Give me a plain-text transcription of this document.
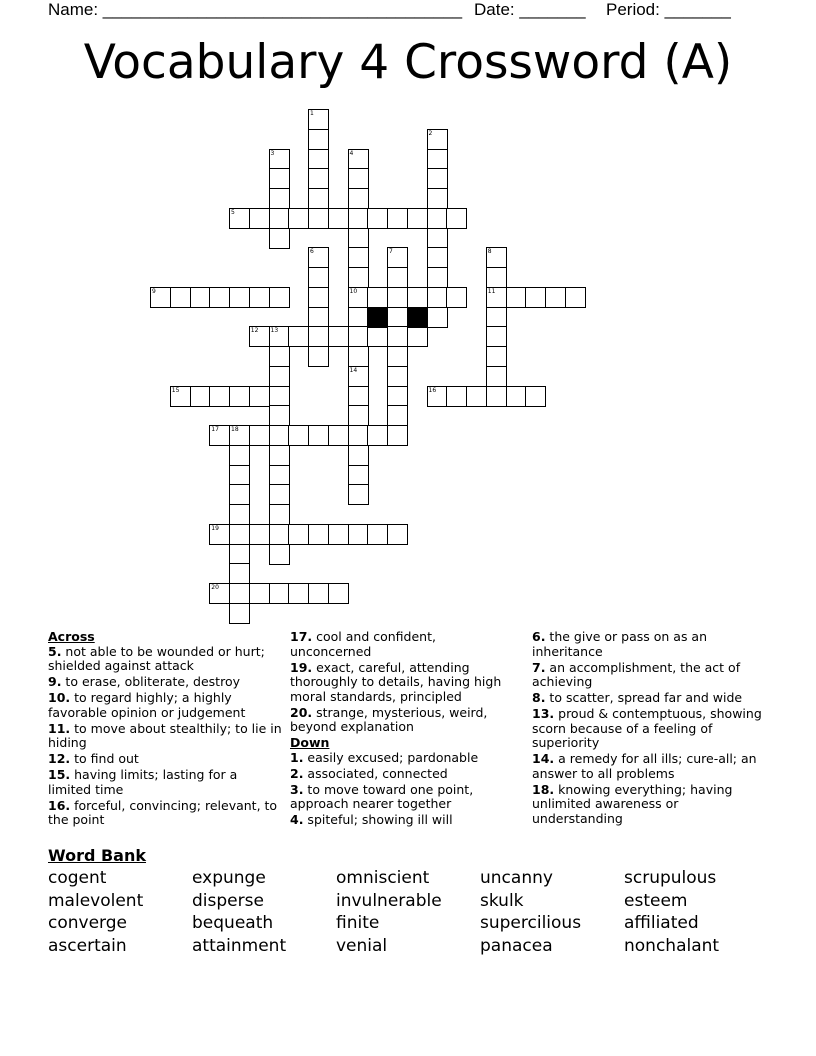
Name: ______________________________________ Date: _______ Period: _______
Vocabulary 4 Crossword (A)
1
2
3	4
10
14
5
6	7	8
11
9
12 13
15	16
17 18
19
20
Across
5. not able to be wounded or hurt; shielded against attack
9. to erase, obliterate, destroy
10. to regard highly; a highly favorable opinion or judgement
11. to move about stealthily; to lie in hiding
12. to find out
15. having limits; lasting for a limited time
16. forceful, convincing; relevant, to the point
17. cool and confident, unconcerned
19. exact, careful, attending thoroughly to details, having high moral standards, principled
20. strange, mysterious, weird, beyond explanation
Down
1. easily excused; pardonable
2. associated, connected
3. to move toward one point, approach nearer together
4. spiteful; showing ill will
6. the give or pass on as an inheritance
7. an accomplishment, the act of achieving
8. to scatter, spread far and wide
13. proud & contemptuous, showing scorn because of a feeling of superiority
14. a remedy for all ills; cure-all; an answer to all problems
18. knowing everything; having unlimited awareness or understanding
Word Bank
cogent
malevolent
converge
ascertain
expunge
disperse
bequeath
attainment
omniscient
invulnerable
finite
venial
uncanny
skulk
supercilious
panacea
scrupulous
esteem
affiliated
nonchalant
